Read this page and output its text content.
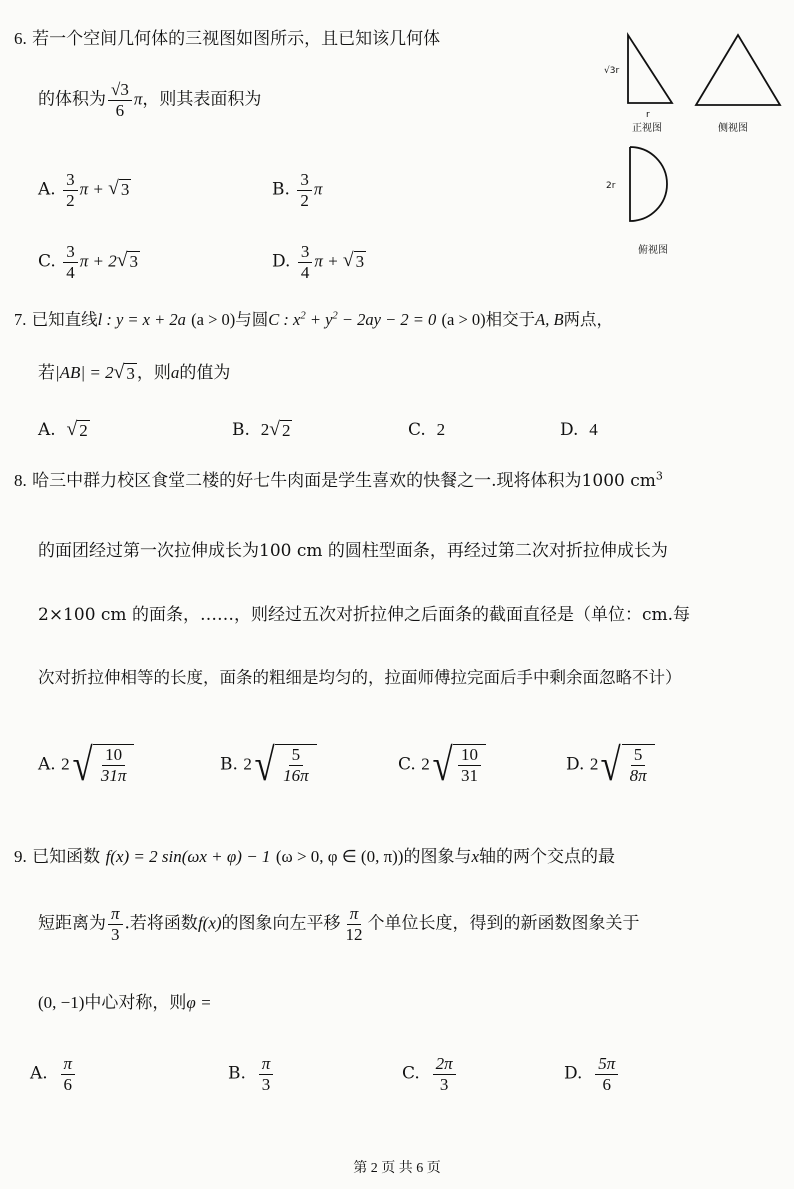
6. 若一个空间几何体的三视图如图所示，且已知该几何体
的体积为 $\frac{√3}{6}$ π，则其表面积为
A. $\frac{3}{2}$ π + √ 3	B. $\frac{3}{2}$ π
C. $\frac{3}{4}$ π + 2 √ 3	D. $\frac{3}{4}$ π + √ 3
√3r
r
正视图	侧视图
2r
俯视图
7. 已知直线l : y = x + 2a (a > 0)与圆C : $x^2 + y^2 - 2ay - 2 = 0$ (a > 0)相交于A, B两点，
若|AB| = 2 √ 3 ，则a的值为
A. √ 2	B. 2 √ 2	C. 2	D. 4
8. 哈三中群力校区食堂二楼的好七牛肉面是学生喜欢的快餐之一.现将体积为1000 $cm^3$
的面团经过第一次拉伸成长为100 cm 的圆柱型面条，再经过第二次对折拉伸成长为
2×100 cm 的面条，……，则经过五次对折拉伸之后面条的截面直径是（单位：cm.每
次对折拉伸相等的长度，面条的粗细是均匀的，拉面师傅拉完面后手中剩余面忽略不计）
A. 2 √ $\frac{10}{31\pi}$	B. 2 √ $\frac{5}{16\pi}$	C. 2 √ $\frac{10}{31}$	D. 2 √ $\frac{5}{8\pi}$
9. 已知函数 f(x) = 2 sin(ωx + φ) − 1 (ω > 0, φ ∈ (0, π))的图象与x轴的两个交点的最
短距离为 $\frac{\pi}{3}$ .若将函数f(x)的图象向左平移 $\frac{\pi}{12}$ 个单位长度，得到的新函数图象关于
(0, −1)中心对称，则φ =
A. $\frac{\pi}{6}$	B. $\frac{\pi}{3}$	C. $\frac{2\pi}{3}$	D. $\frac{5\pi}{6}$
第 2 页 共 6 页
